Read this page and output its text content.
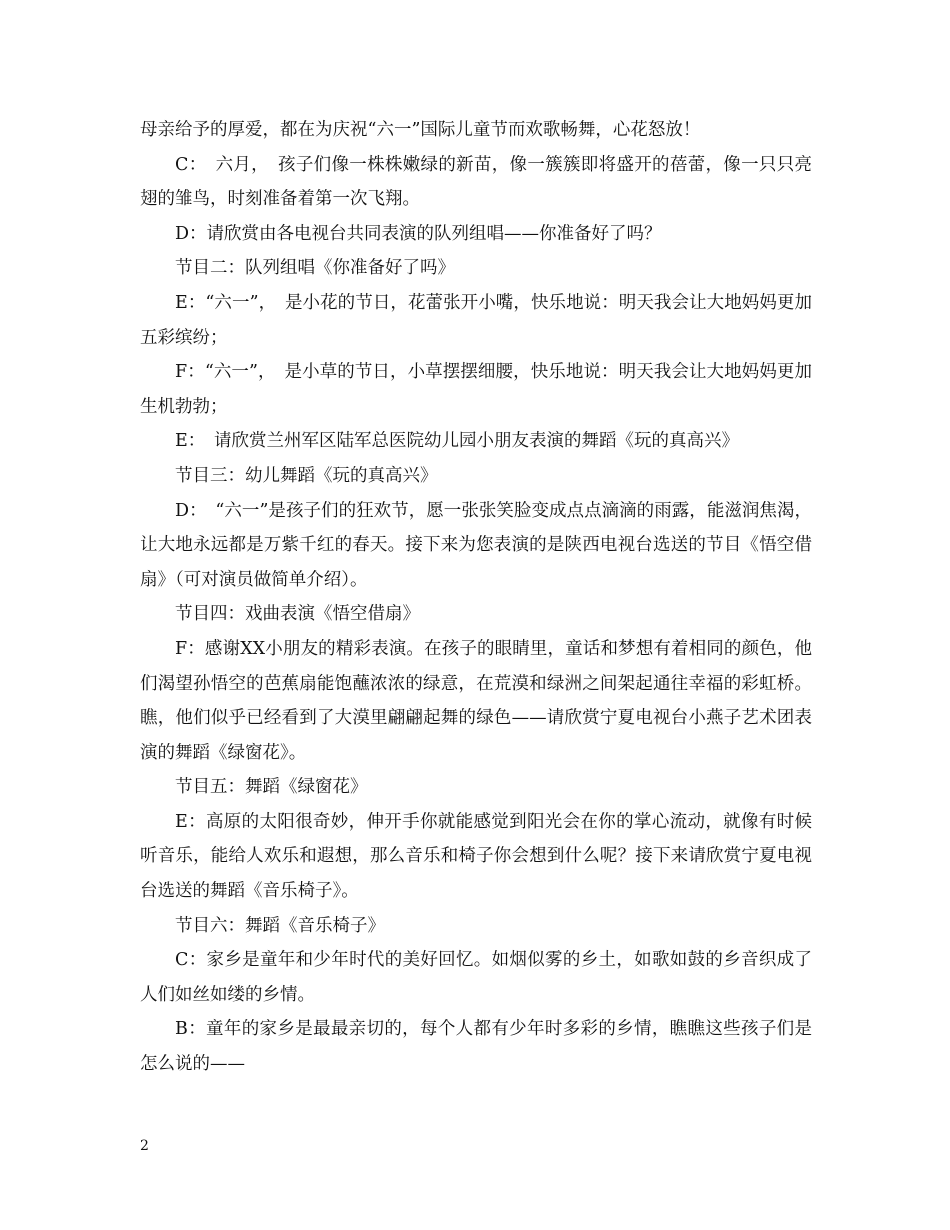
母亲给予的厚爱，都在为庆祝“六一”国际儿童节而欢歌畅舞，心花怒放！

C：　六月，　孩子们像一株株嫩绿的新苗，像一簇簇即将盛开的蓓蕾，像一只只亮翅的雏鸟，时刻准备着第一次飞翔。

D：请欣赏由各电视台共同表演的队列组唱——你准备好了吗？

节目二：队列组唱《你准备好了吗》

E：“六一”，　是小花的节日，花蕾张开小嘴，快乐地说：明天我会让大地妈妈更加五彩缤纷；

F：“六一”，　是小草的节日，小草摆摆细腰，快乐地说：明天我会让大地妈妈更加生机勃勃；

E：　请欣赏兰州军区陆军总医院幼儿园小朋友表演的舞蹈《玩的真高兴》

节目三：幼儿舞蹈《玩的真高兴》

D：　“六一”是孩子们的狂欢节，愿一张张笑脸变成点点滴滴的雨露，能滋润焦渴，让大地永远都是万紫千红的春天。接下来为您表演的是陕西电视台选送的节目《悟空借扇》（可对演员做简单介绍）。

节目四：戏曲表演《悟空借扇》

F：感谢XX小朋友的精彩表演。在孩子的眼睛里，童话和梦想有着相同的颜色，他们渴望孙悟空的芭蕉扇能饱蘸浓浓的绿意，在荒漠和绿洲之间架起通往幸福的彩虹桥。瞧，他们似乎已经看到了大漠里翩翩起舞的绿色——请欣赏宁夏电视台小燕子艺术团表演的舞蹈《绿窗花》。

节目五：舞蹈《绿窗花》

E：高原的太阳很奇妙，伸开手你就能感觉到阳光会在你的掌心流动，就像有时候听音乐，能给人欢乐和遐想，那么音乐和椅子你会想到什么呢？接下来请欣赏宁夏电视台选送的舞蹈《音乐椅子》。

节目六：舞蹈《音乐椅子》

C：家乡是童年和少年时代的美好回忆。如烟似雾的乡土，如歌如鼓的乡音织成了人们如丝如缕的乡情。

B：童年的家乡是最最亲切的，每个人都有少年时多彩的乡情，瞧瞧这些孩子们是怎么说的——

2
